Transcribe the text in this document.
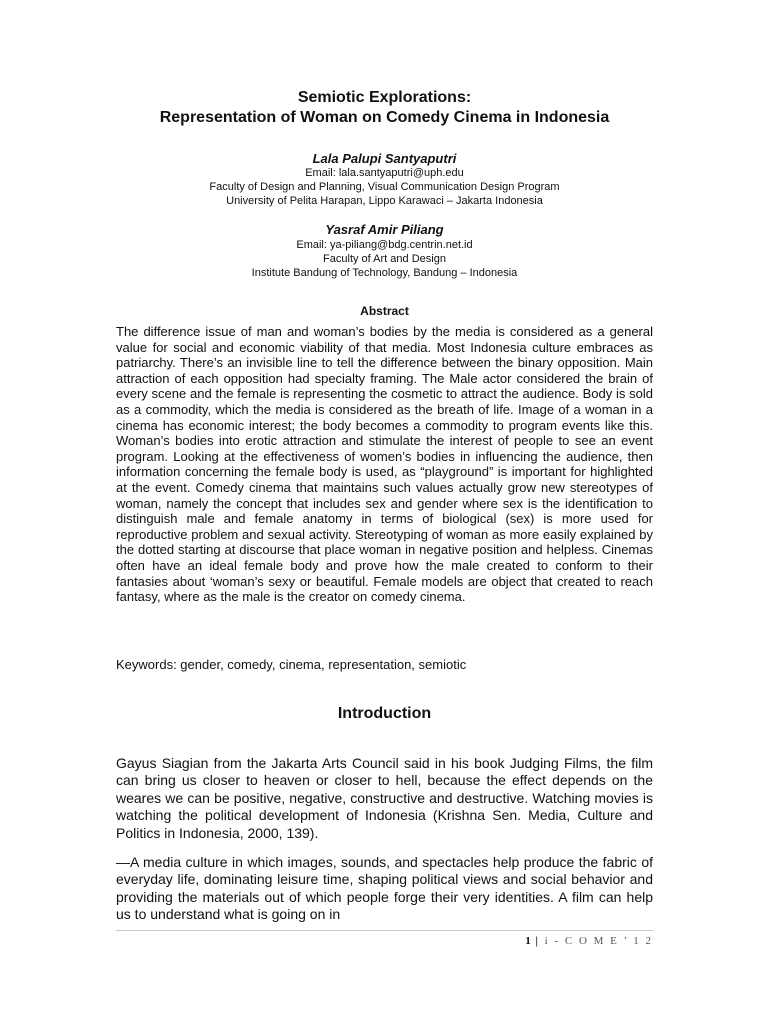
Semiotic Explorations:
Representation of Woman on Comedy Cinema in Indonesia
Lala Palupi Santyaputri
Email: lala.santyaputri@uph.edu
Faculty of Design and Planning, Visual Communication Design Program
University of Pelita Harapan, Lippo Karawaci – Jakarta Indonesia
Yasraf Amir Piliang
Email: ya-piliang@bdg.centrin.net.id
Faculty of Art and Design
Institute Bandung of Technology, Bandung – Indonesia
Abstract
The difference issue of man and woman’s bodies by the media is considered as a general value for social and economic viability of that media. Most Indonesia culture embraces as patriarchy. There’s an invisible line to tell the difference between the binary opposition. Main attraction of each opposition had specialty framing. The Male actor considered the brain of every scene and the female is representing the cosmetic to attract the audience. Body is sold as a commodity, which the media is considered as the breath of life. Image of a woman in a cinema has economic interest; the body becomes a commodity to program events like this. Woman’s bodies into erotic attraction and stimulate the interest of people to see an event program. Looking at the effectiveness of women’s bodies in influencing the audience, then information concerning the female body is used, as “playground” is important for highlighted at the event. Comedy cinema that maintains such values actually grow new stereotypes of woman, namely the concept that includes sex and gender where sex is the identification to distinguish male and female anatomy in terms of biological (sex) is more used for reproductive problem and sexual activity. Stereotyping of woman as more easily explained by the dotted starting at discourse that place woman in negative position and helpless. Cinemas often have an ideal female body and prove how the male created to conform to their fantasies about ‘woman’s sexy or beautiful. Female models are object that created to reach fantasy, where as the male is the creator on comedy cinema.
Keywords: gender, comedy, cinema, representation, semiotic
Introduction
Gayus Siagian from the Jakarta Arts Council said in his book Judging Films, the film can bring us closer to heaven or closer to hell, because the effect depends on the weares we can be positive, negative, constructive and destructive. Watching movies is watching the political development of Indonesia (Krishna Sen. Media, Culture and Politics in Indonesia, 2000, 139).
—A media culture in which images, sounds, and spectacles help produce the fabric of everyday life, dominating leisure time, shaping political views and social behavior and providing the materials out of which people forge their very identities. A film can help us to understand what is going on in
1 | i - C O M E ’ 1 2
